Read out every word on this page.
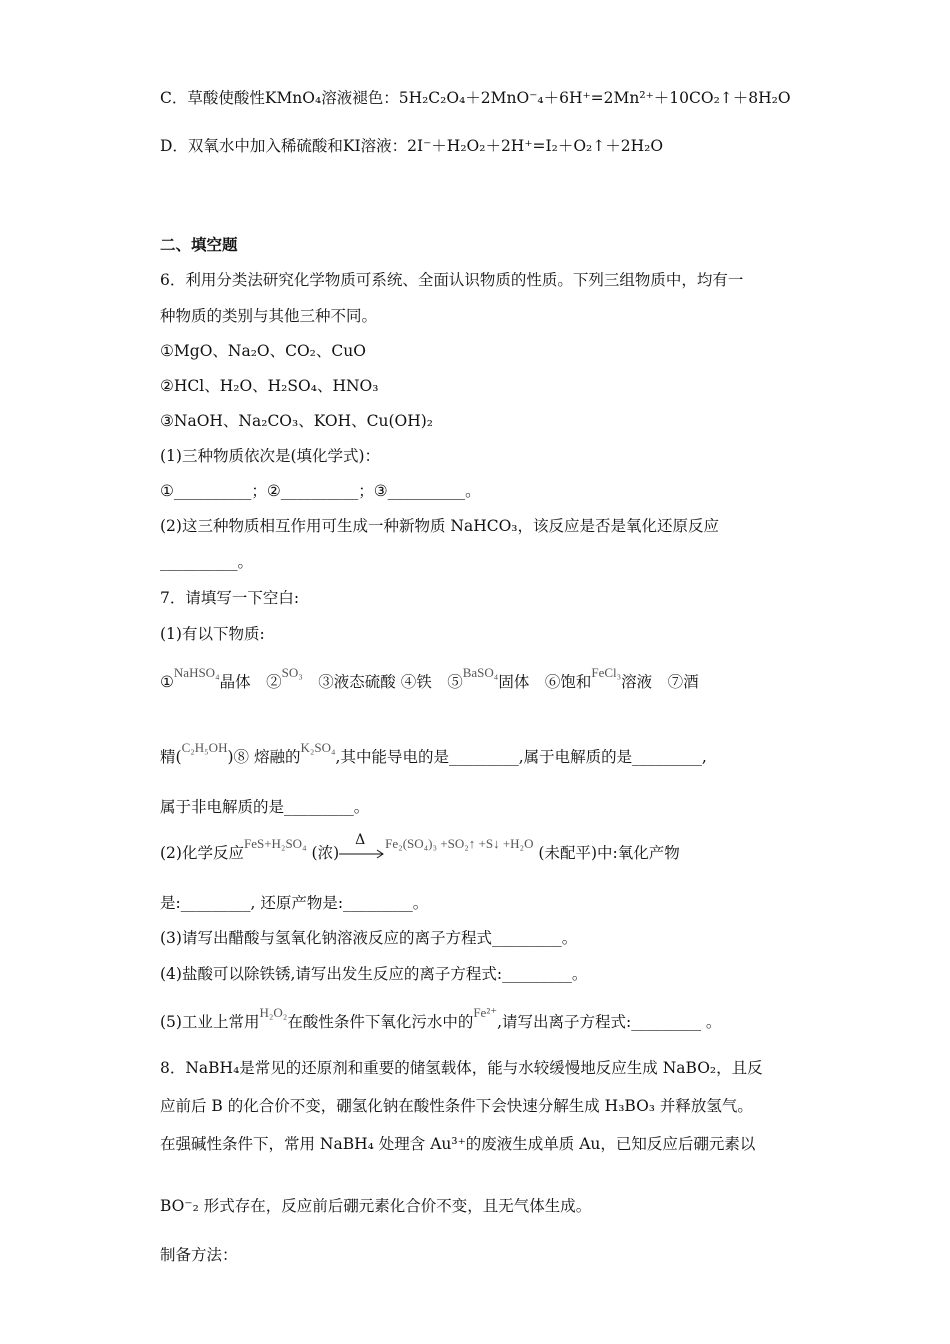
C．草酸使酸性KMnO₄溶液褪色：5H₂C₂O₄＋2MnO⁻₄＋6H⁺=2Mn²⁺＋10CO₂↑＋8H₂O
D．双氧水中加入稀硫酸和KI溶液：2I⁻＋H₂O₂＋2H⁺=I₂＋O₂↑＋2H₂O
二、填空题
6．利用分类法研究化学物质可系统、全面认识物质的性质。下列三组物质中，均有一
种物质的类别与其他三种不同。
①MgO、Na₂O、CO₂、CuO
②HCl、H₂O、H₂SO₄、HNO₃
③NaOH、Na₂CO₃、KOH、Cu(OH)₂
(1)三种物质依次是(填化学式)：
①__________；②__________；③__________。
(2)这三种物质相互作用可生成一种新物质 NaHCO₃，该反应是否是氧化还原反应
__________。
7．请填写一下空白:
(1)有以下物质:
①$^{NaHSO_4}$晶体　②$^{SO_3}$　③液态硫酸 ④铁　⑤$^{BaSO_4}$固体　⑥饱和$^{FeCl_3}$溶液　⑦酒
精($^{C_2H_5OH}$)⑧ 熔融的$^{K_2SO_4}$,其中能导电的是_________,属于电解质的是_________,
属于非电解质的是_________。
(2)化学反应$^{FeS+H_2SO_4}$ (浓)
Δ $^{Fe_2(SO_4)_3 +SO_2↑ +S↓ +H_2O}$ (未配平)中:氧化产物
是:_________, 还原产物是:_________。
(3)请写出醋酸与氢氧化钠溶液反应的离子方程式_________。
(4)盐酸可以除铁锈,请写出发生反应的离子方程式:_________。
(5)工业上常用$^{H_2O_2}$在酸性条件下氧化污水中的$^{Fe^{2+}}$,请写出离子方程式:_________ 。
8．NaBH₄是常见的还原剂和重要的储氢载体，能与水较缓慢地反应生成 NaBO₂，且反
应前后 B 的化合价不变，硼氢化钠在酸性条件下会快速分解生成 H₃BO₃ 并释放氢气。
在强碱性条件下，常用 NaBH₄ 处理含 Au³⁺的废液生成单质 Au，已知反应后硼元素以
BO⁻₂ 形式存在，反应前后硼元素化合价不变，且无气体生成。
制备方法：
